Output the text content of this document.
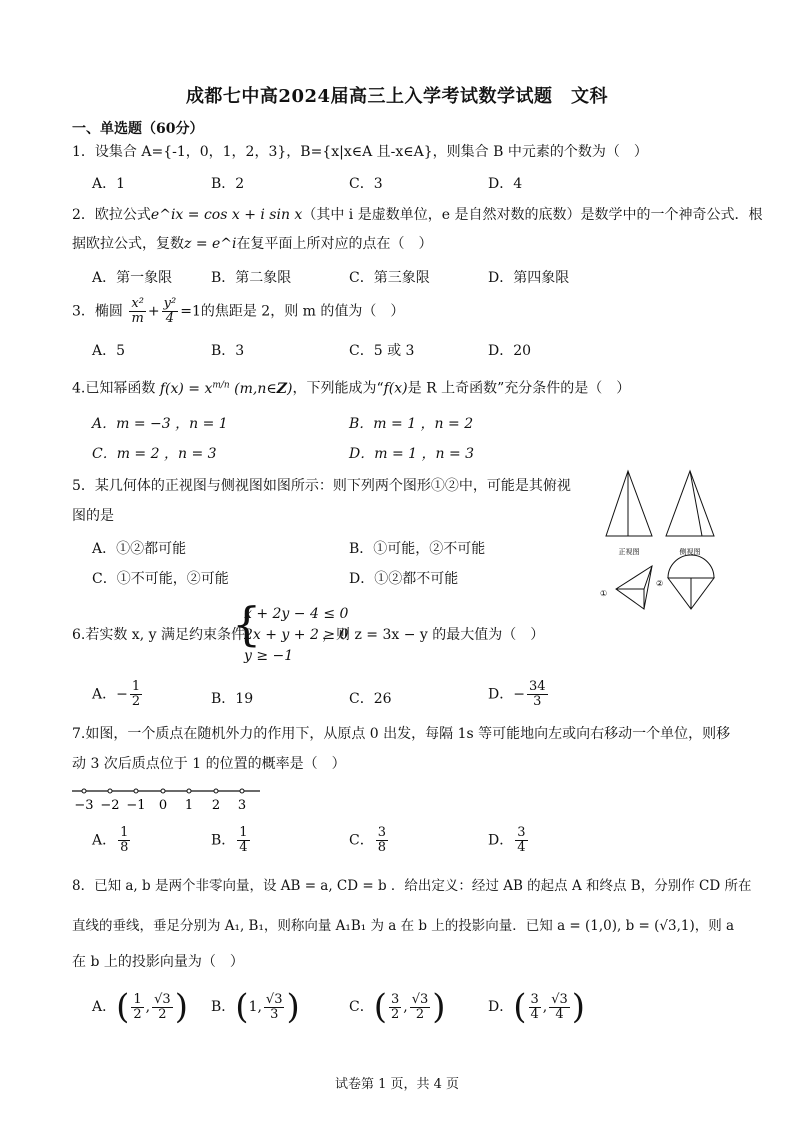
成都七中高2024届高三上入学考试数学试题　文科
一、单选题（60分）
1．设集合 A={-1，0，1，2，3}，B={x|x∈A 且-x∈A}，则集合 B 中元素的个数为（　）
A．1	B．2	C．3	D．4
2．欧拉公式e^ix = cos x + i sin x（其中 i 是虚数单位，e 是自然对数的底数）是数学中的一个神奇公式．根
据欧拉公式，复数z = e^i在复平面上所对应的点在（　）
A．第一象限	B．第二象限	C．第三象限	D．第四象限
3．椭圆 $\frac{\text{x²}}{m} + \frac{\text{y²}}{4} =1$的焦距是 2，则 m 的值为（　）
A．5	B．3	C．5 或 3	D．20
4.已知幂函数 $f(x) = x^{m/n}$ (m,n∈Z)，下列能成为“f(x)是 R 上奇函数”充分条件的是（　）
A．m = −3 ，n = 1	B．m = 1 ，n = 2
C．m = 2 ，n = 3	D．m = 1 ，n = 3
5．某几何体的正视图与侧视图如图所示：则下列两个图形①②中，可能是其俯视
图的是
A．①②都可能	B．①可能，②不可能
C．①不可能，②可能	D．①②都不可能
正视图	侧视图
①
②
6.若实数 x, y 满足约束条件
{
x + 2y − 4 ≤ 0
2x + y + 2 ≥ 0
y ≥ −1
，则 z = 3x − y 的最大值为（　）
A．− $\frac{1}{2}$	B．19	C．26	D．− $\frac{34}{3}$
7.如图，一个质点在随机外力的作用下，从原点 0 出发，每隔 1s 等可能地向左或向右移动一个单位，则移
动 3 次后质点位于 1 的位置的概率是（　）
−3 −2 −1 0 1 2 3
A． $\frac{1}{8}$	B． $\frac{1}{4}$	C． $\frac{3}{8}$	D． $\frac{3}{4}$
8．已知 a, b 是两个非零向量，设 AB = a, CD = b ．给出定义：经过 AB 的起点 A 和终点 B，分别作 CD 所在
直线的垂线，垂足分别为 A₁, B₁，则称向量 A₁B₁ 为 a 在 b 上的投影向量．已知 a = (1,0), b = (√3,1)，则 a
在 b 上的投影向量为（　）
A．( $\frac{1}{2}$ , $\frac{√3}{2}$ ) B．(1, $\frac{√3}{3}$ )	C．( $\frac{3}{2}$ , $\frac{√3}{2}$ )	D．( $\frac{3}{4}$ , $\frac{√3}{4}$ )
试卷第 1 页，共 4 页
